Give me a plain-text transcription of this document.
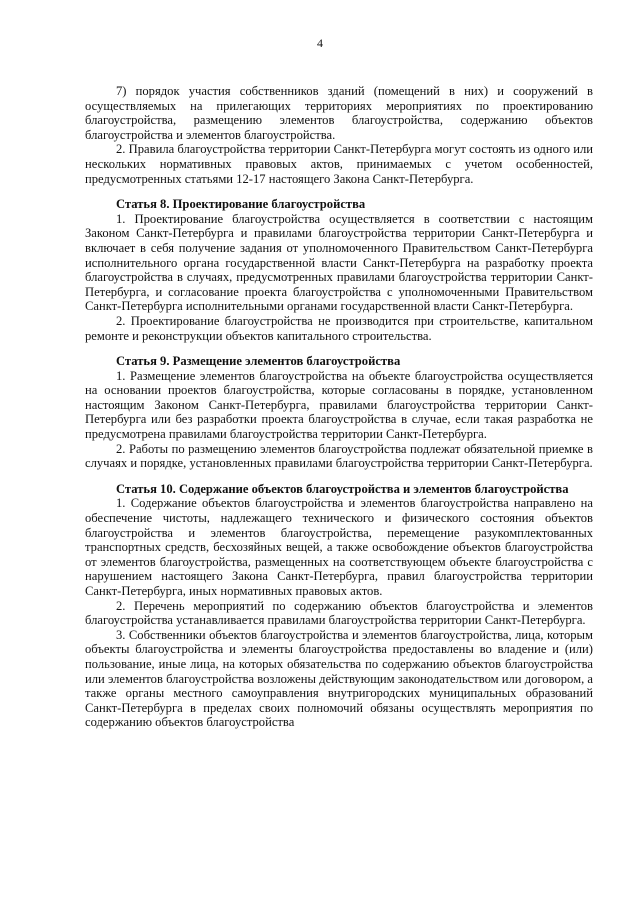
4

7) порядок участия собственников зданий (помещений в них) и сооружений в осуществляемых на прилегающих территориях мероприятиях по проектированию благоустройства, размещению элементов благоустройства, содержанию объектов благоустройства и элементов благоустройства.

2. Правила благоустройства территории Санкт-Петербурга могут состоять из одного или нескольких нормативных правовых актов, принимаемых с учетом особенностей, предусмотренных статьями 12-17 настоящего Закона Санкт-Петербурга.

Статья 8. Проектирование благоустройства

1. Проектирование благоустройства осуществляется в соответствии с настоящим Законом Санкт-Петербурга и правилами благоустройства территории Санкт-Петербурга и включает в себя получение задания от уполномоченного Правительством Санкт-Петербурга исполнительного органа государственной власти Санкт-Петербурга на разработку проекта благоустройства в случаях, предусмотренных правилами благоустройства территории Санкт-Петербурга, и согласование проекта благоустройства с уполномоченными Правительством Санкт-Петербурга исполнительными органами государственной власти Санкт-Петербурга.

2. Проектирование благоустройства не производится при строительстве, капитальном ремонте и реконструкции объектов капитального строительства.

Статья 9. Размещение элементов благоустройства

1. Размещение элементов благоустройства на объекте благоустройства осуществляется на основании проектов благоустройства, которые согласованы в порядке, установленном настоящим Законом Санкт-Петербурга, правилами благоустройства территории Санкт-Петербурга или без разработки проекта благоустройства в случае, если такая разработка не предусмотрена правилами благоустройства территории Санкт-Петербурга.

2. Работы по размещению элементов благоустройства подлежат обязательной приемке в случаях и порядке, установленных правилами благоустройства территории Санкт-Петербурга.

Статья 10. Содержание объектов благоустройства и элементов благоустройства

1. Содержание объектов благоустройства и элементов благоустройства направлено на обеспечение чистоты, надлежащего технического и физического состояния объектов благоустройства и элементов благоустройства, перемещение разукомплектованных транспортных средств, бесхозяйных вещей, а также освобождение объектов благоустройства от элементов благоустройства, размещенных на соответствующем объекте благоустройства с нарушением настоящего Закона Санкт-Петербурга, правил благоустройства территории Санкт-Петербурга, иных нормативных правовых актов.

2. Перечень мероприятий по содержанию объектов благоустройства и элементов благоустройства устанавливается правилами благоустройства территории Санкт-Петербурга.

3. Собственники объектов благоустройства и элементов благоустройства, лица, которым объекты благоустройства и элементы благоустройства предоставлены во владение и (или) пользование, иные лица, на которых обязательства по содержанию объектов благоустройства или элементов благоустройства возложены действующим законодательством или договором, а также органы местного самоуправления внутригородских муниципальных образований Санкт-Петербурга в пределах своих полномочий обязаны осуществлять мероприятия по содержанию объектов благоустройства
